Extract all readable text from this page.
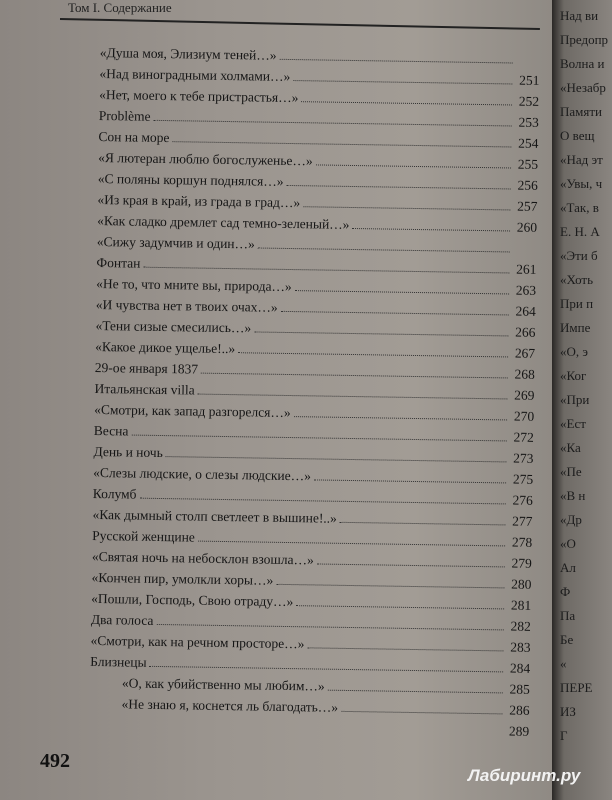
Том I. Содержание
«Душа моя, Элизиум теней…»
«Над виноградными холмами…»	251
«Нет, моего к тебе пристрастья…»	252
Problème	253
Сон на море	254
«Я лютеран люблю богослуженье…»	255
«С поляны коршун поднялся…»	256
«Из края в край, из града в град…»	257
«Как сладко дремлет сад темно-зеленый…»	260
«Сижу задумчив и один…»
Фонтан	261
«Не то, что мните вы, природа…»	263
«И чувства нет в твоих очах…»	264
«Тени сизые смесились…»	266
«Какое дикое ущелье!..»	267
29-ое января 1837	268
Итальянская villa	269
«Смотри, как запад разгорелся…»	270
Весна	272
День и ночь	273
«Слезы людские, о слезы людские…»	275
Колумб	276
«Как дымный столп светлеет в вышине!..»	277
Русской женщине	278
«Святая ночь на небосклон взошла…»	279
«Кончен пир, умолкли хоры…»	280
«Пошли, Господь, Свою отраду…»	281
Два голоса	282
«Смотри, как на речном просторе…»	283
Близнецы	284
«О, как убийственно мы любим…»	285
«Не знаю я, коснется ль благодать…»	286
289
492
Над ви
Предопр
Волна и
«Незабр
Памяти
О вещ
«Над эт
«Увы, ч
«Так, в
Е. Н. А
«Эти б
«Хоть
При п
Импе
«О, э
«Ког
«При
«Ест
«Ка
«Пе
«В н
«Др
«О
Ал
Ф
Па
Бе
«
ПЕРЕ
ИЗ
Г
Лабиринт.ру
